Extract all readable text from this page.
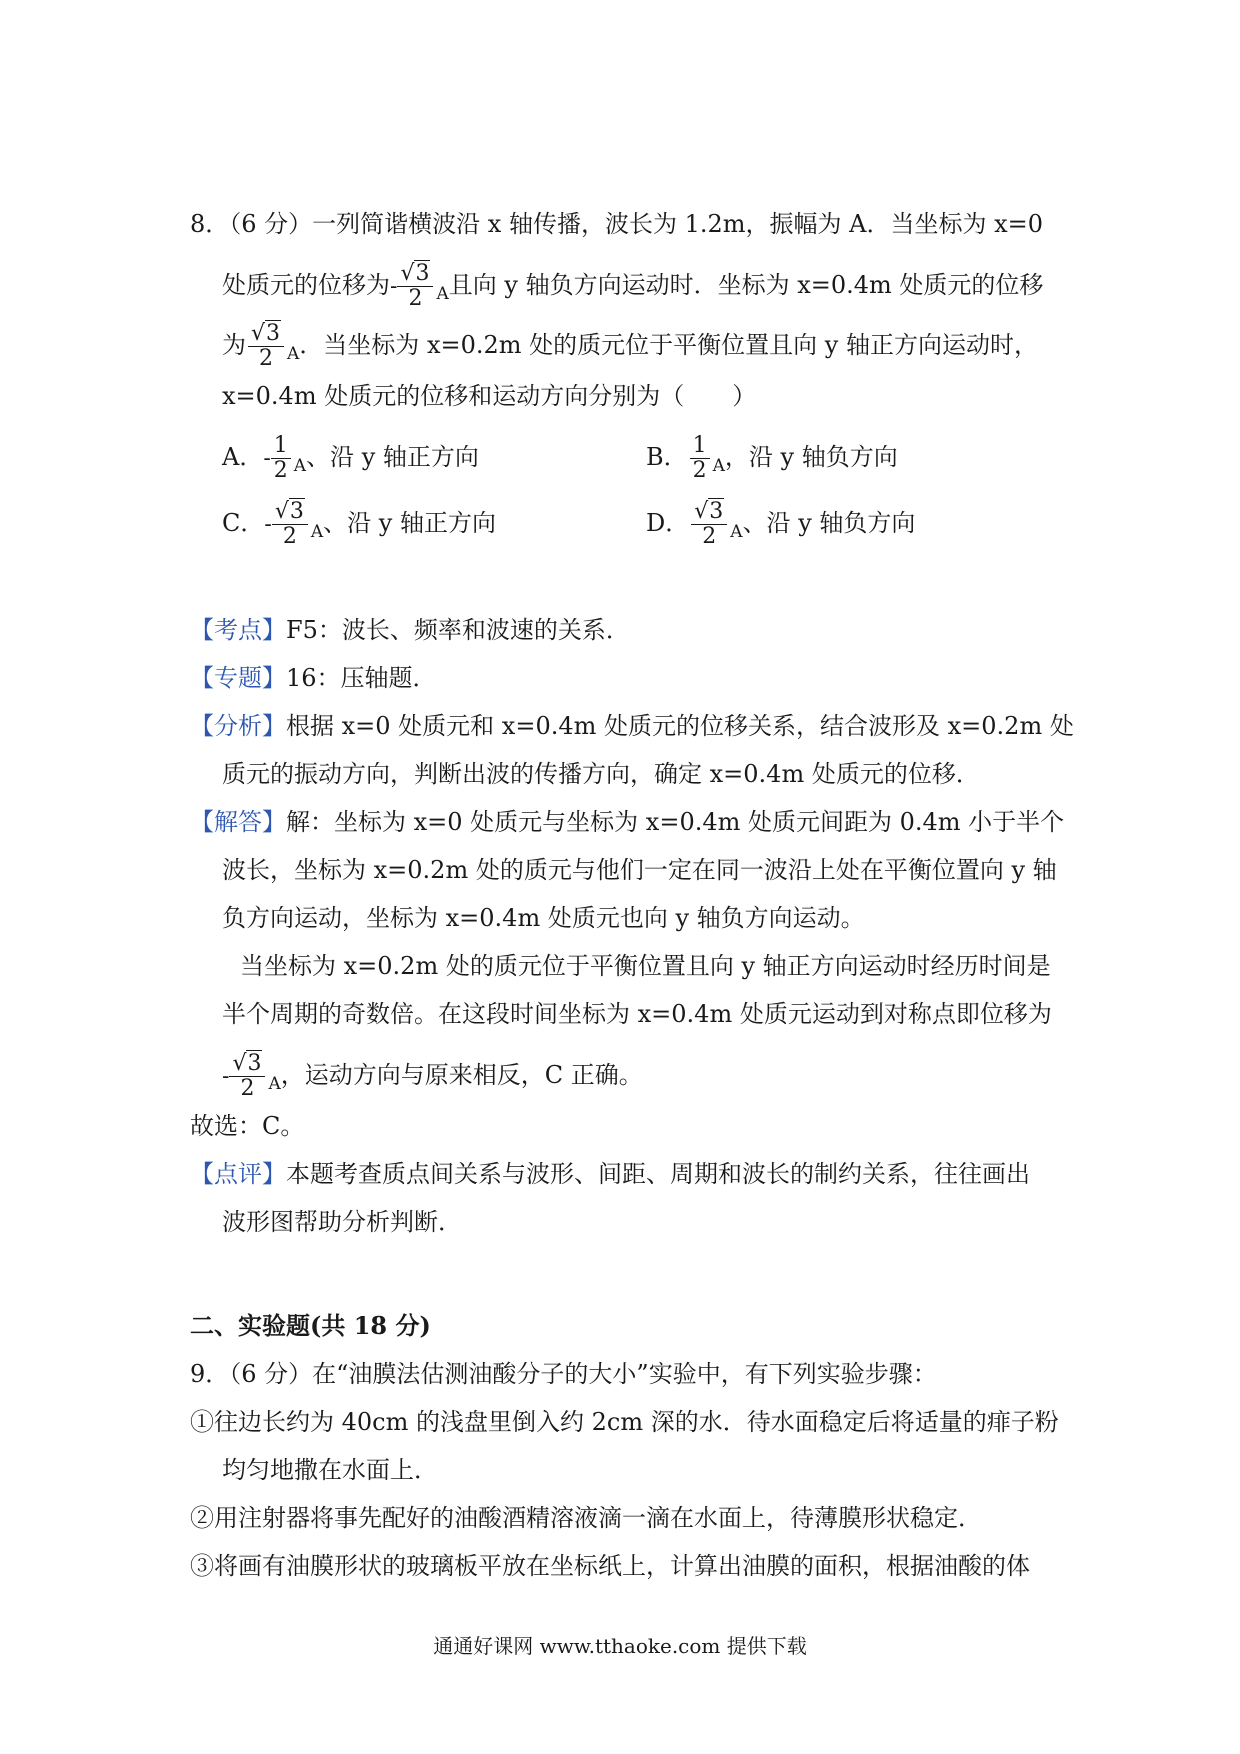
8．（6 分）一列简谐横波沿 x 轴传播，波长为 1.2m，振幅为 A．当坐标为 x=0
处质元的位移为- $\frac{√3}{2} _A$且向 y 轴负方向运动时．坐标为 x=0.4m 处质元的位移
为 $\frac{√3}{2} _A$．当坐标为 x=0.2m 处的质元位于平衡位置且向 y 轴正方向运动时，
x=0.4m 处质元的位移和运动方向分别为（　　）
A．- $\frac{1}{2} _A$、沿 y 轴正方向	B． $\frac{1}{2} _A$，沿 y 轴负方向
C．- $\frac{√3}{2} _A$、沿 y 轴正方向	D． $\frac{√3}{2} _A$、沿 y 轴负方向
【考点】F5：波长、频率和波速的关系．
【专题】16：压轴题．
【分析】根据 x=0 处质元和 x=0.4m 处质元的位移关系，结合波形及 x=0.2m 处
质元的振动方向，判断出波的传播方向，确定 x=0.4m 处质元的位移．
【解答】解：坐标为 x=0 处质元与坐标为 x=0.4m 处质元间距为 0.4m 小于半个
波长，坐标为 x=0.2m 处的质元与他们一定在同一波沿上处在平衡位置向 y 轴
负方向运动，坐标为 x=0.4m 处质元也向 y 轴负方向运动。
当坐标为 x=0.2m 处的质元位于平衡位置且向 y 轴正方向运动时经历时间是
半个周期的奇数倍。在这段时间坐标为 x=0.4m 处质元运动到对称点即位移为
- $\frac{√3}{2} _A$，运动方向与原来相反，C 正确。
故选：C。
【点评】本题考查质点间关系与波形、间距、周期和波长的制约关系，往往画出
波形图帮助分析判断．
二、实验题(共 18 分)
9．（6 分）在“油膜法估测油酸分子的大小”实验中，有下列实验步骤：
①往边长约为 40cm 的浅盘里倒入约 2cm 深的水．待水面稳定后将适量的痱子粉
均匀地撒在水面上．
②用注射器将事先配好的油酸酒精溶液滴一滴在水面上，待薄膜形状稳定．
③将画有油膜形状的玻璃板平放在坐标纸上，计算出油膜的面积，根据油酸的体
通通好课网 www.tthaoke.com 提供下载
